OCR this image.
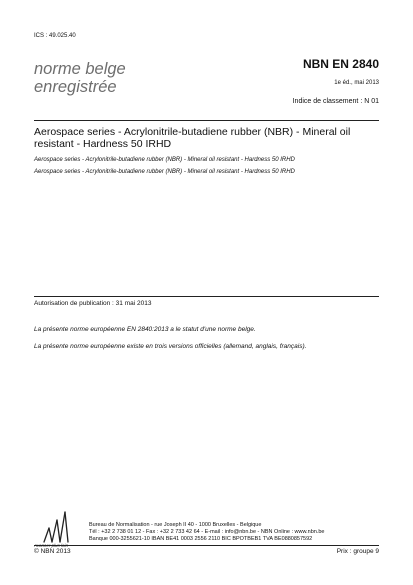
ICS : 49.025.40
norme belge
enregistrée
NBN EN 2840
1e éd., mai 2013
Indice de classement : N 01
Aerospace series - Acrylonitrile-butadiene rubber (NBR) - Mineral oil resistant - Hardness 50 IRHD
Aerospace series - Acrylonitrile-butadiene rubber (NBR) - Mineral oil resistant - Hardness 50 IRHD
Aerospace series - Acrylonitrile-butadiene rubber (NBR) - Mineral oil resistant - Hardness 50 IRHD
Autorisation de publication : 31 mai 2013
La présente norme européenne EN 2840:2013 a le statut d'une norme belge.
La présente norme européenne existe en trois versions officielles (allemand, anglais, français).
Avancer plus loin
Bureau de Normalisation - rue Joseph II 40 - 1000 Bruxelles - Belgique
Tél : +32 2 738 01 12 - Fax : +32 2 733 42 64 - E-mail : info@nbn.be - NBN Online : www.nbn.be
Banque 000-3255621-10 IBAN BE41 0003 2556 2110 BIC BPOTBEB1 TVA BE0880857592
© NBN 2013	Prix : groupe 9
